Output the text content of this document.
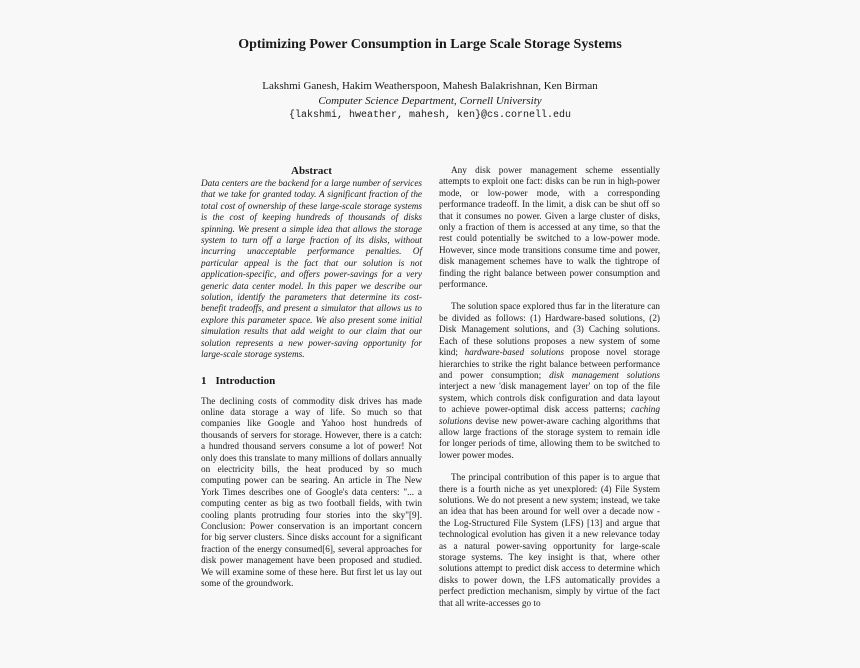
Optimizing Power Consumption in Large Scale Storage Systems
Lakshmi Ganesh, Hakim Weatherspoon, Mahesh Balakrishnan, Ken Birman
Computer Science Department, Cornell University
{lakshmi, hweather, mahesh, ken}@cs.cornell.edu
Abstract

Data centers are the backend for a large number of services that we take for granted today. A significant fraction of the total cost of ownership of these large-scale storage systems is the cost of keeping hundreds of thousands of disks spinning. We present a simple idea that allows the storage system to turn off a large fraction of its disks, without incurring unacceptable performance penalties. Of particular appeal is the fact that our solution is not application-specific, and offers power-savings for a very generic data center model. In this paper we describe our solution, identify the parameters that determine its cost-benefit tradeoffs, and present a simulator that allows us to explore this parameter space. We also present some initial simulation results that add weight to our claim that our solution represents a new power-saving opportunity for large-scale storage systems.

1 Introduction

The declining costs of commodity disk drives has made online data storage a way of life. So much so that companies like Google and Yahoo host hundreds of thousands of servers for storage. However, there is a catch: a hundred thousand servers consume a lot of power! Not only does this translate to many millions of dollars annually on electricity bills, the heat produced by so much computing power can be searing. An article in The New York Times describes one of Google's data centers: "... a computing center as big as two football fields, with twin cooling plants protruding four stories into the sky"[9]. Conclusion: Power conservation is an important concern for big server clusters. Since disks account for a significant fraction of the energy consumed[6], several approaches for disk power management have been proposed and studied. We will examine some of these here. But first let us lay out some of the groundwork.

Any disk power management scheme essentially attempts to exploit one fact: disks can be run in high-power mode, or low-power mode, with a corresponding performance tradeoff. In the limit, a disk can be shut off so that it consumes no power. Given a large cluster of disks, only a fraction of them is accessed at any time, so that the rest could potentially be switched to a low-power mode. However, since mode transitions consume time and power, disk management schemes have to walk the tightrope of finding the right balance between power consumption and performance.

The solution space explored thus far in the literature can be divided as follows: (1) Hardware-based solutions, (2) Disk Management solutions, and (3) Caching solutions. Each of these solutions proposes a new system of some kind; hardware-based solutions propose novel storage hierarchies to strike the right balance between performance and power consumption; disk management solutions interject a new 'disk management layer' on top of the file system, which controls disk configuration and data layout to achieve power-optimal disk access patterns; caching solutions devise new power-aware caching algorithms that allow large fractions of the storage system to remain idle for longer periods of time, allowing them to be switched to lower power modes.

The principal contribution of this paper is to argue that there is a fourth niche as yet unexplored: (4) File System solutions. We do not present a new system; instead, we take an idea that has been around for well over a decade now - the Log-Structured File System (LFS) [13] and argue that technological evolution has given it a new relevance today as a natural power-saving opportunity for large-scale storage systems. The key insight is that, where other solutions attempt to predict disk access to determine which disks to power down, the LFS automatically provides a perfect prediction mechanism, simply by virtue of the fact that all write-accesses go to
